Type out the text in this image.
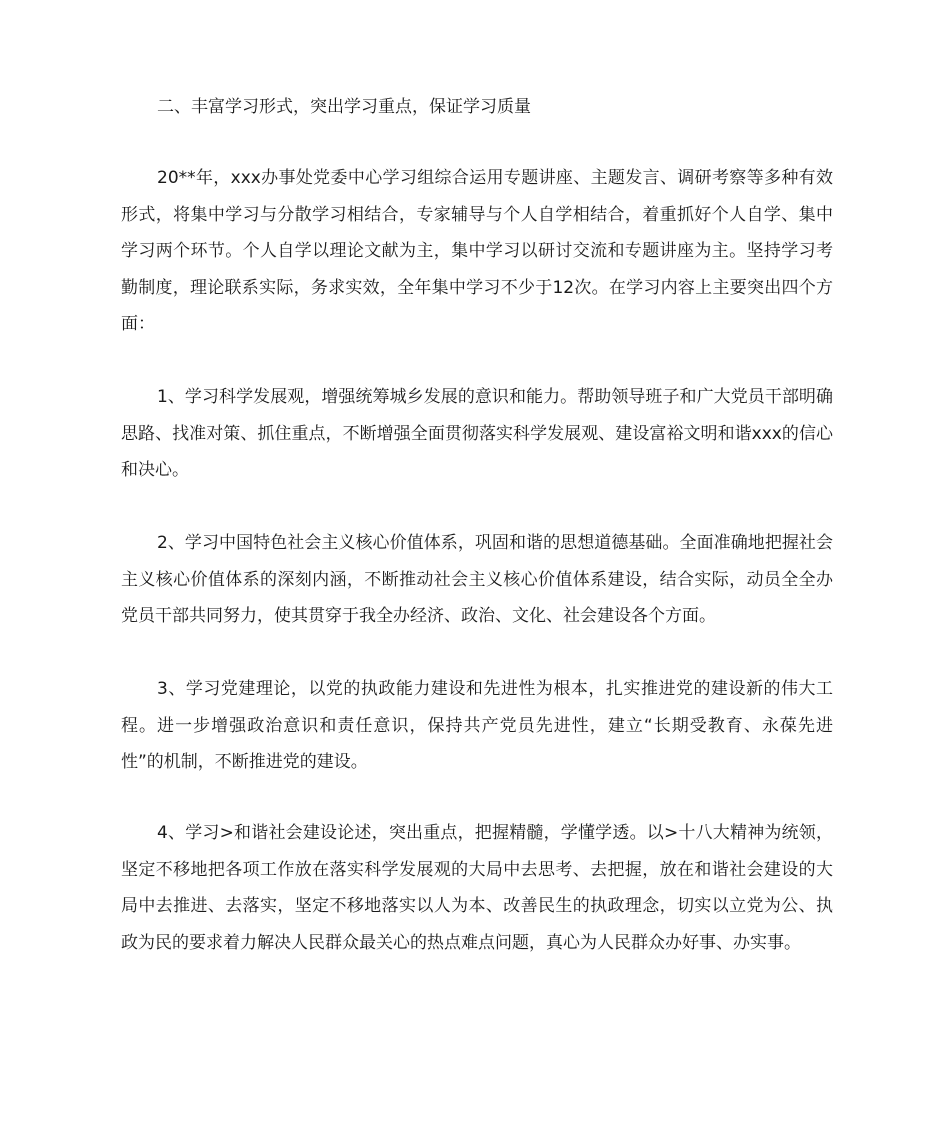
二、丰富学习形式，突出学习重点，保证学习质量

20**年，xxx办事处党委中心学习组综合运用专题讲座、主题发言、调研考察等多种有效形式，将集中学习与分散学习相结合，专家辅导与个人自学相结合，着重抓好个人自学、集中学习两个环节。个人自学以理论文献为主，集中学习以研讨交流和专题讲座为主。坚持学习考勤制度，理论联系实际，务求实效，全年集中学习不少于12次。在学习内容上主要突出四个方面：

1、学习科学发展观，增强统筹城乡发展的意识和能力。帮助领导班子和广大党员干部明确思路、找准对策、抓住重点，不断增强全面贯彻落实科学发展观、建设富裕文明和谐xxx的信心和决心。

2、学习中国特色社会主义核心价值体系，巩固和谐的思想道德基础。全面准确地把握社会主义核心价值体系的深刻内涵，不断推动社会主义核心价值体系建设，结合实际，动员全全办党员干部共同努力，使其贯穿于我全办经济、政治、文化、社会建设各个方面。

3、学习党建理论，以党的执政能力建设和先进性为根本，扎实推进党的建设新的伟大工程。进一步增强政治意识和责任意识，保持共产党员先进性，建立“长期受教育、永葆先进性”的机制，不断推进党的建设。

4、学习>和谐社会建设论述，突出重点，把握精髓，学懂学透。以>十八大精神为统领，坚定不移地把各项工作放在落实科学发展观的大局中去思考、去把握，放在和谐社会建设的大局中去推进、去落实，坚定不移地落实以人为本、改善民生的执政理念，切实以立党为公、执政为民的要求着力解决人民群众最关心的热点难点问题，真心为人民群众办好事、办实事。
